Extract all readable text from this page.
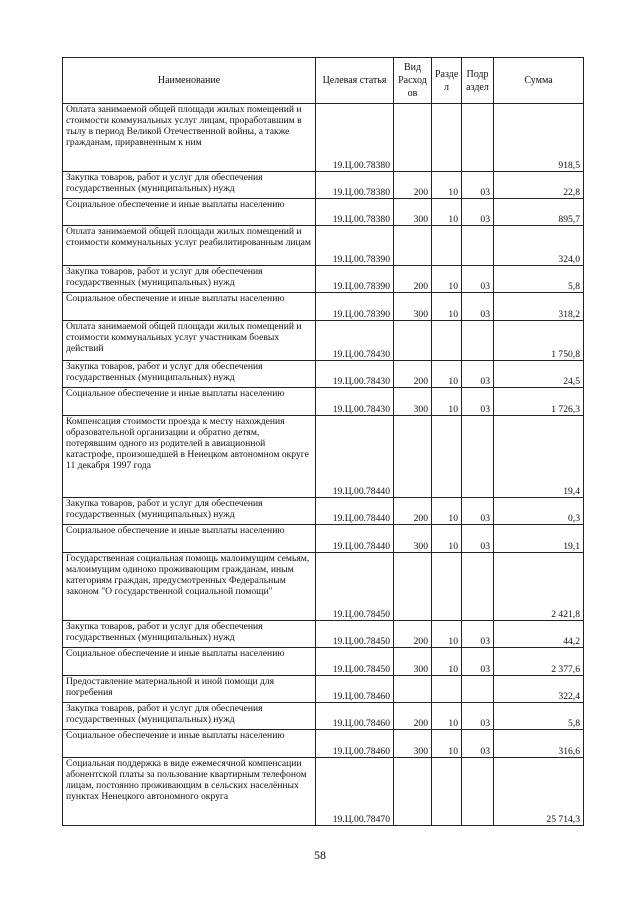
Наименование	Целевая статья	Вид Расход ов	Разде л	Подр аздел	Сумма
Оплата занимаемой общей площади жилых помещений и стоимости коммунальных услуг лицам, проработавшим в тылу в период Великой Отечественной войны, а также гражданам, приравненным к ним	19.Ц.00.78380				918,5
Закупка товаров, работ и услуг для обеспечения государственных (муниципальных) нужд	19.Ц.00.78380	200	10	03	22,8
Социальное обеспечение и иные выплаты населению	19.Ц.00.78380	300	10	03	895,7
Оплата занимаемой общей площади жилых помещений и стоимости коммунальных услуг реабилитированным лицам	19.Ц.00.78390				324,0
Закупка товаров, работ и услуг для обеспечения государственных (муниципальных) нужд	19.Ц.00.78390	200	10	03	5,8
Социальное обеспечение и иные выплаты населению	19.Ц.00.78390	300	10	03	318,2
Оплата занимаемой общей площади жилых помещений и стоимости коммунальных услуг участникам боевых действий	19.Ц.00.78430				1 750,8
Закупка товаров, работ и услуг для обеспечения государственных (муниципальных) нужд	19.Ц.00.78430	200	10	03	24,5
Социальное обеспечение и иные выплаты населению	19.Ц.00.78430	300	10	03	1 726,3
Компенсация стоимости проезда к месту нахождения образовательной организации и обратно детям, потерявшим одного из родителей в авиационной катастрофе, произошедшей в Ненецком автономном округе 11 декабря 1997 года	19.Ц.00.78440				19,4
Закупка товаров, работ и услуг для обеспечения государственных (муниципальных) нужд	19.Ц.00.78440	200	10	03	0,3
Социальное обеспечение и иные выплаты населению	19.Ц.00.78440	300	10	03	19,1
Государственная социальная помощь малоимущим семьям, малоимущим одиноко проживающим гражданам, иным категориям граждан, предусмотренных Федеральным законом "О государственной социальной помощи"	19.Ц.00.78450				2 421,8
Закупка товаров, работ и услуг для обеспечения государственных (муниципальных) нужд	19.Ц.00.78450	200	10	03	44,2
Социальное обеспечение и иные выплаты населению	19.Ц.00.78450	300	10	03	2 377,6
Предоставление материальной и иной помощи для погребения	19.Ц.00.78460				322,4
Закупка товаров, работ и услуг для обеспечения государственных (муниципальных) нужд	19.Ц.00.78460	200	10	03	5,8
Социальное обеспечение и иные выплаты населению	19.Ц.00.78460	300	10	03	316,6
Социальная поддержка в виде ежемесячной компенсации абонентской платы за пользование квартирным телефоном лицам, постоянно проживающим в сельских населённых пунктах Ненецкого автономного округа	19.Ц.00.78470				25 714,3
58
